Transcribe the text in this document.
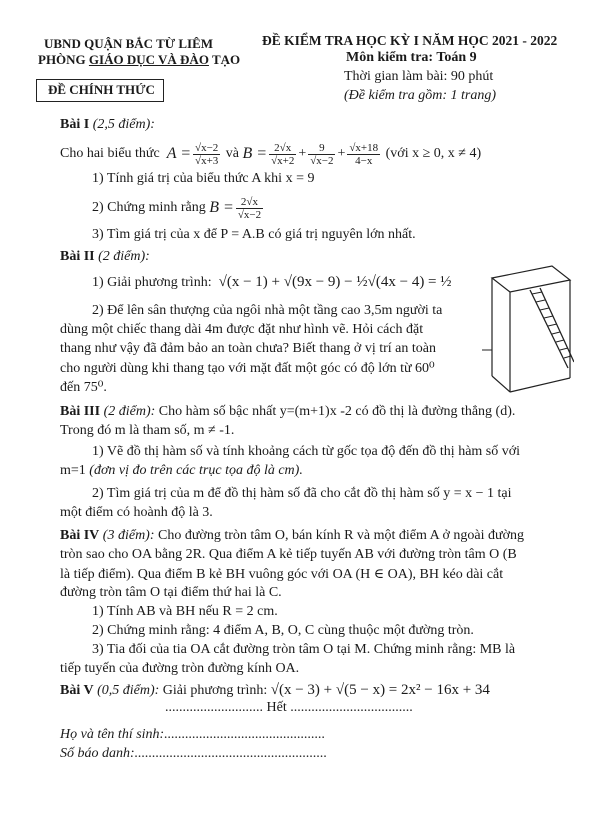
UBND QUẬN BẮC TỪ LIÊM
PHÒNG GIÁO DỤC VÀ ĐÀO TẠO
ĐỀ CHÍNH THỨC
ĐỀ KIỂM TRA HỌC KỲ I NĂM HỌC 2021 - 2022
Môn kiểm tra: Toán 9
Thời gian làm bài: 90 phút
(Đề kiểm tra gồm: 1 trang)
Bài I (2,5 điểm):
Cho hai biểu thức
$A = \frac{√x-2}{√x+3}$
và
$B = \frac{2√x}{√x+2} + \frac{9}{√x-2} + \frac{√x+18}{4-x}$
(với x ≥ 0, x ≠ 4)
1) Tính giá trị của biểu thức A khi x = 9
2) Chứng minh rằng
$B = \frac{2√x}{√x-2}$
3) Tìm giá trị của x để P = A.B có giá trị nguyên lớn nhất.
Bài II (2 điểm):
1) Giải phương trình: √(x − 1) + √(9x − 9) − ½√(4x − 4) = ½
2) Để lên sân thượng của ngôi nhà một tầng cao 3,5m người ta
dùng một chiếc thang dài 4m được đặt như hình vẽ. Hỏi cách đặt
thang như vậy đã đảm bảo an toàn chưa? Biết thang ở vị trí an toàn
cho người dùng khi thang tạo với mặt đất một góc có độ lớn từ 60⁰
đến 75⁰.
Bài III (2 điểm): Cho hàm số bậc nhất y=(m+1)x -2 có đồ thị là đường thẳng (d).
Trong đó m là tham số, m ≠ -1.
1) Vẽ đồ thị hàm số và tính khoảng cách từ gốc tọa độ đến đồ thị hàm số với
m=1 (đơn vị đo trên các trục tọa độ là cm).
2) Tìm giá trị của m để đồ thị hàm số đã cho cắt đồ thị hàm số y = x − 1 tại
một điểm có hoành độ là 3.
Bài IV (3 điểm): Cho đường tròn tâm O, bán kính R và một điểm A ở ngoài đường
tròn sao cho OA bằng 2R. Qua điểm A kẻ tiếp tuyến AB với đường tròn tâm O (B
là tiếp điểm). Qua điểm B kẻ BH vuông góc với OA (H ∈ OA), BH kéo dài cắt
đường tròn tâm O tại điểm thứ hai là C.
1) Tính AB và BH nếu R = 2 cm.
2) Chứng minh rằng: 4 điểm A, B, O, C cùng thuộc một đường tròn.
3) Tia đối của tia OA cắt đường tròn tâm O tại M. Chứng minh rằng: MB là
tiếp tuyến của đường tròn đường kính OA.
Bài V (0,5 điểm): Giải phương trình: √(x − 3) + √(5 − x) = 2x² − 16x + 34
............................ Hết ...................................
Họ và tên thí sinh:..............................................
Số báo danh:.......................................................
